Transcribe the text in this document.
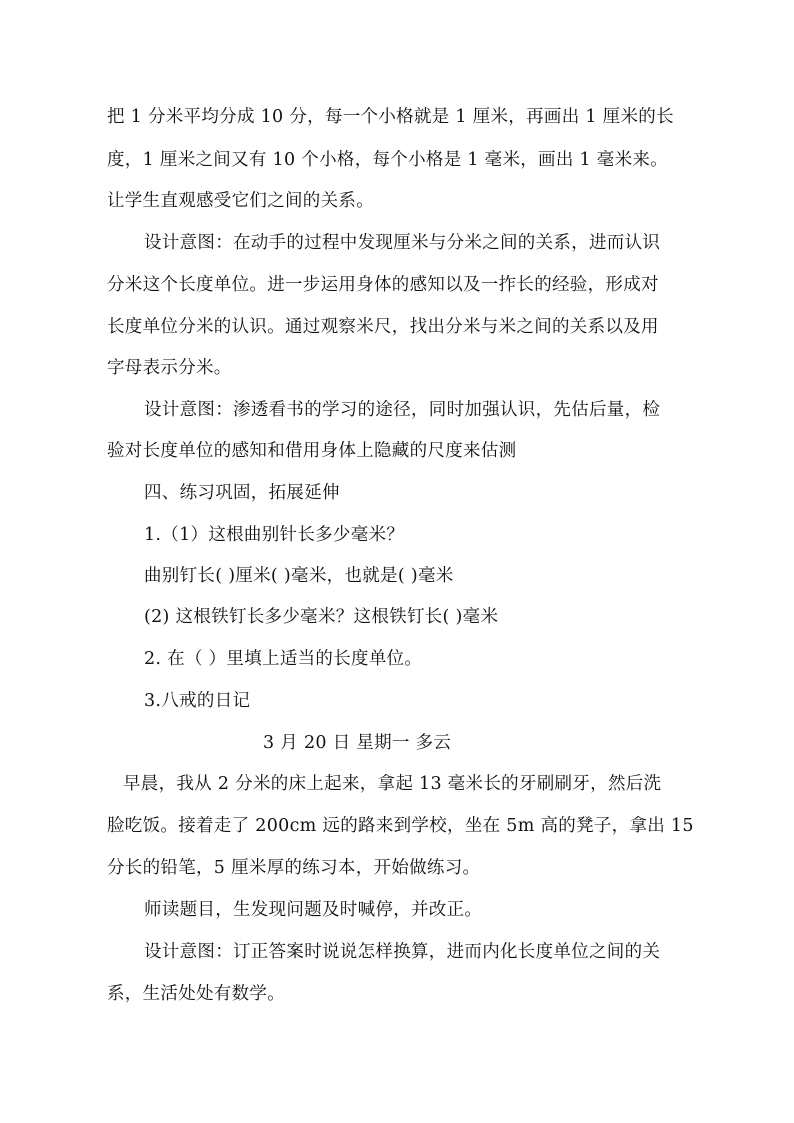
把 1 分米平均分成 10 分，每一个小格就是 1 厘米，再画出 1 厘米的长
度，1 厘米之间又有 10 个小格，每个小格是 1 毫米，画出 1 毫米来。
让学生直观感受它们之间的关系。
设计意图：在动手的过程中发现厘米与分米之间的关系，进而认识
分米这个长度单位。进一步运用身体的感知以及一拃长的经验，形成对
长度单位分米的认识。通过观察米尺，找出分米与米之间的关系以及用
字母表示分米。
设计意图：渗透看书的学习的途径，同时加强认识，先估后量，检
验对长度单位的感知和借用身体上隐藏的尺度来估测
四、练习巩固，拓展延伸
1.（1）这根曲别针长多少毫米？
曲别钉长( )厘米( )毫米，也就是( )毫米
(2) 这根铁钉长多少毫米？这根铁钉长( )毫米
2. 在（ ）里填上适当的长度单位。
3.八戒的日记
3 月 20 日 星期一 多云
早晨，我从 2 分米的床上起来，拿起 13 毫米长的牙刷刷牙，然后洗
脸吃饭。接着走了 200cm 远的路来到学校，坐在 5m 高的凳子，拿出 15
分长的铅笔，5 厘米厚的练习本，开始做练习。
师读题目，生发现问题及时喊停，并改正。
设计意图：订正答案时说说怎样换算，进而内化长度单位之间的关
系，生活处处有数学。
